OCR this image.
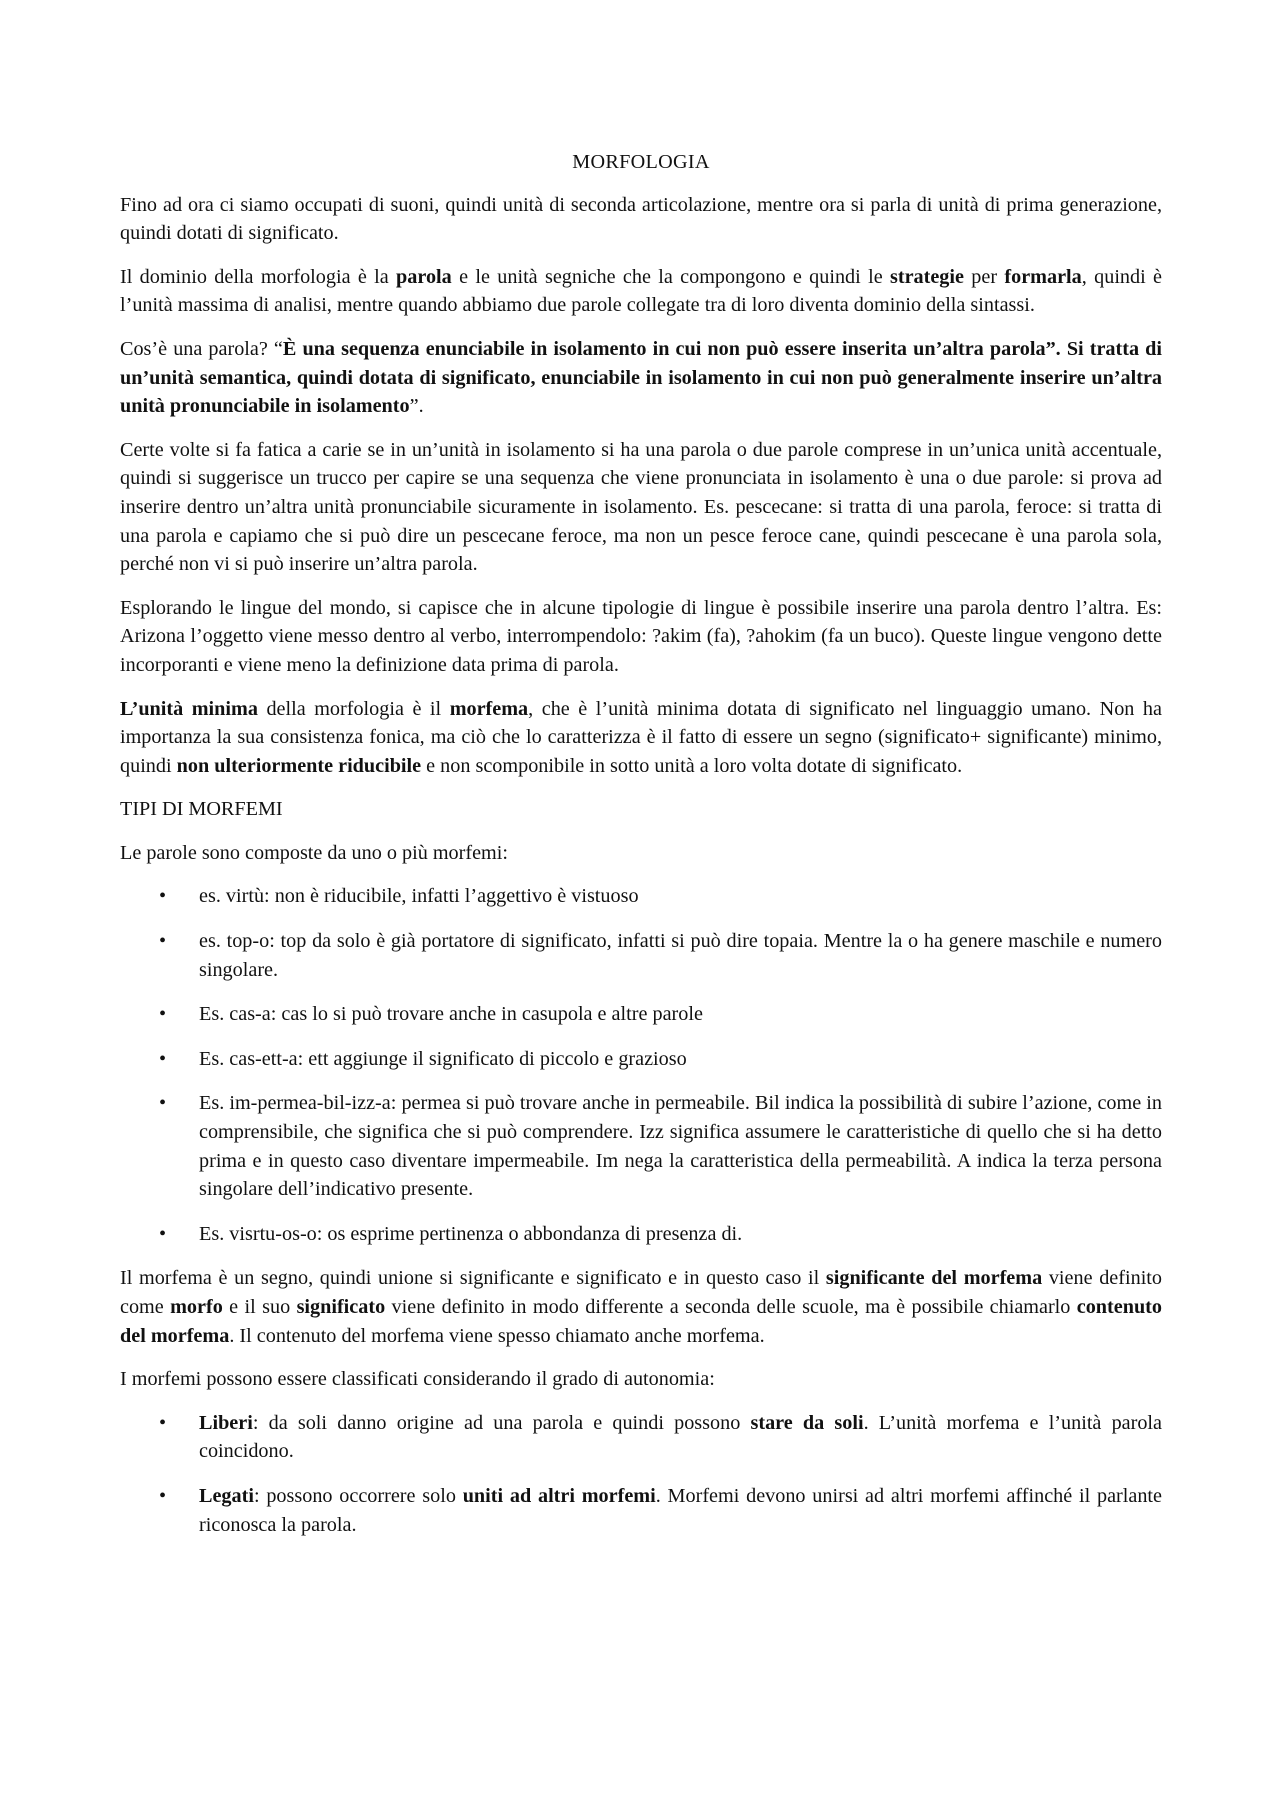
MORFOLOGIA

Fino ad ora ci siamo occupati di suoni, quindi unità di seconda articolazione, mentre ora si parla di unità di prima generazione, quindi dotati di significato.

Il dominio della morfologia è la parola e le unità segniche che la compongono e quindi le strategie per formarla, quindi è l’unità massima di analisi, mentre quando abbiamo due parole collegate tra di loro diventa dominio della sintassi.

Cos’è una parola? “È una sequenza enunciabile in isolamento in cui non può essere inserita un’altra parola”. Si tratta di un’unità semantica, quindi dotata di significato, enunciabile in isolamento in cui non può generalmente inserire un’altra unità pronunciabile in isolamento”.

Certe volte si fa fatica a carie se in un’unità in isolamento si ha una parola o due parole comprese in un’unica unità accentuale, quindi si suggerisce un trucco per capire se una sequenza che viene pronunciata in isolamento è una o due parole: si prova ad inserire dentro un’altra unità pronunciabile sicuramente in isolamento. Es. pescecane: si tratta di una parola, feroce: si tratta di una parola e capiamo che si può dire un pescecane feroce, ma non un pesce feroce cane, quindi pescecane è una parola sola, perché non vi si può inserire un’altra parola.

Esplorando le lingue del mondo, si capisce che in alcune tipologie di lingue è possibile inserire una parola dentro l’altra. Es: Arizona l’oggetto viene messo dentro al verbo, interrompendolo: ?akim (fa), ?ahokim (fa un buco). Queste lingue vengono dette incorporanti e viene meno la definizione data prima di parola.

L’unità minima della morfologia è il morfema, che è l’unità minima dotata di significato nel linguaggio umano. Non ha importanza la sua consistenza fonica, ma ciò che lo caratterizza è il fatto di essere un segno (significato+ significante) minimo, quindi non ulteriormente riducibile e non scomponibile in sotto unità a loro volta dotate di significato.

TIPI DI MORFEMI

Le parole sono composte da uno o più morfemi:

• es. virtù: non è riducibile, infatti l’aggettivo è vistuoso
• es. top-o: top da solo è già portatore di significato, infatti si può dire topaia. Mentre la o ha genere maschile e numero singolare.
• Es. cas-a: cas lo si può trovare anche in casupola e altre parole
• Es. cas-ett-a: ett aggiunge il significato di piccolo e grazioso
• Es. im-permea-bil-izz-a: permea si può trovare anche in permeabile. Bil indica la possibilità di subire l’azione, come in comprensibile, che significa che si può comprendere. Izz significa assumere le caratteristiche di quello che si ha detto prima e in questo caso diventare impermeabile. Im nega la caratteristica della permeabilità. A indica la terza persona singolare dell’indicativo presente.
• Es. visrtu-os-o: os esprime pertinenza o abbondanza di presenza di.

Il morfema è un segno, quindi unione si significante e significato e in questo caso il significante del morfema viene definito come morfo e il suo significato viene definito in modo differente a seconda delle scuole, ma è possibile chiamarlo contenuto del morfema. Il contenuto del morfema viene spesso chiamato anche morfema.

I morfemi possono essere classificati considerando il grado di autonomia:

• Liberi: da soli danno origine ad una parola e quindi possono stare da soli. L’unità morfema e l’unità parola coincidono.
• Legati: possono occorrere solo uniti ad altri morfemi. Morfemi devono unirsi ad altri morfemi affinché il parlante riconosca la parola.
